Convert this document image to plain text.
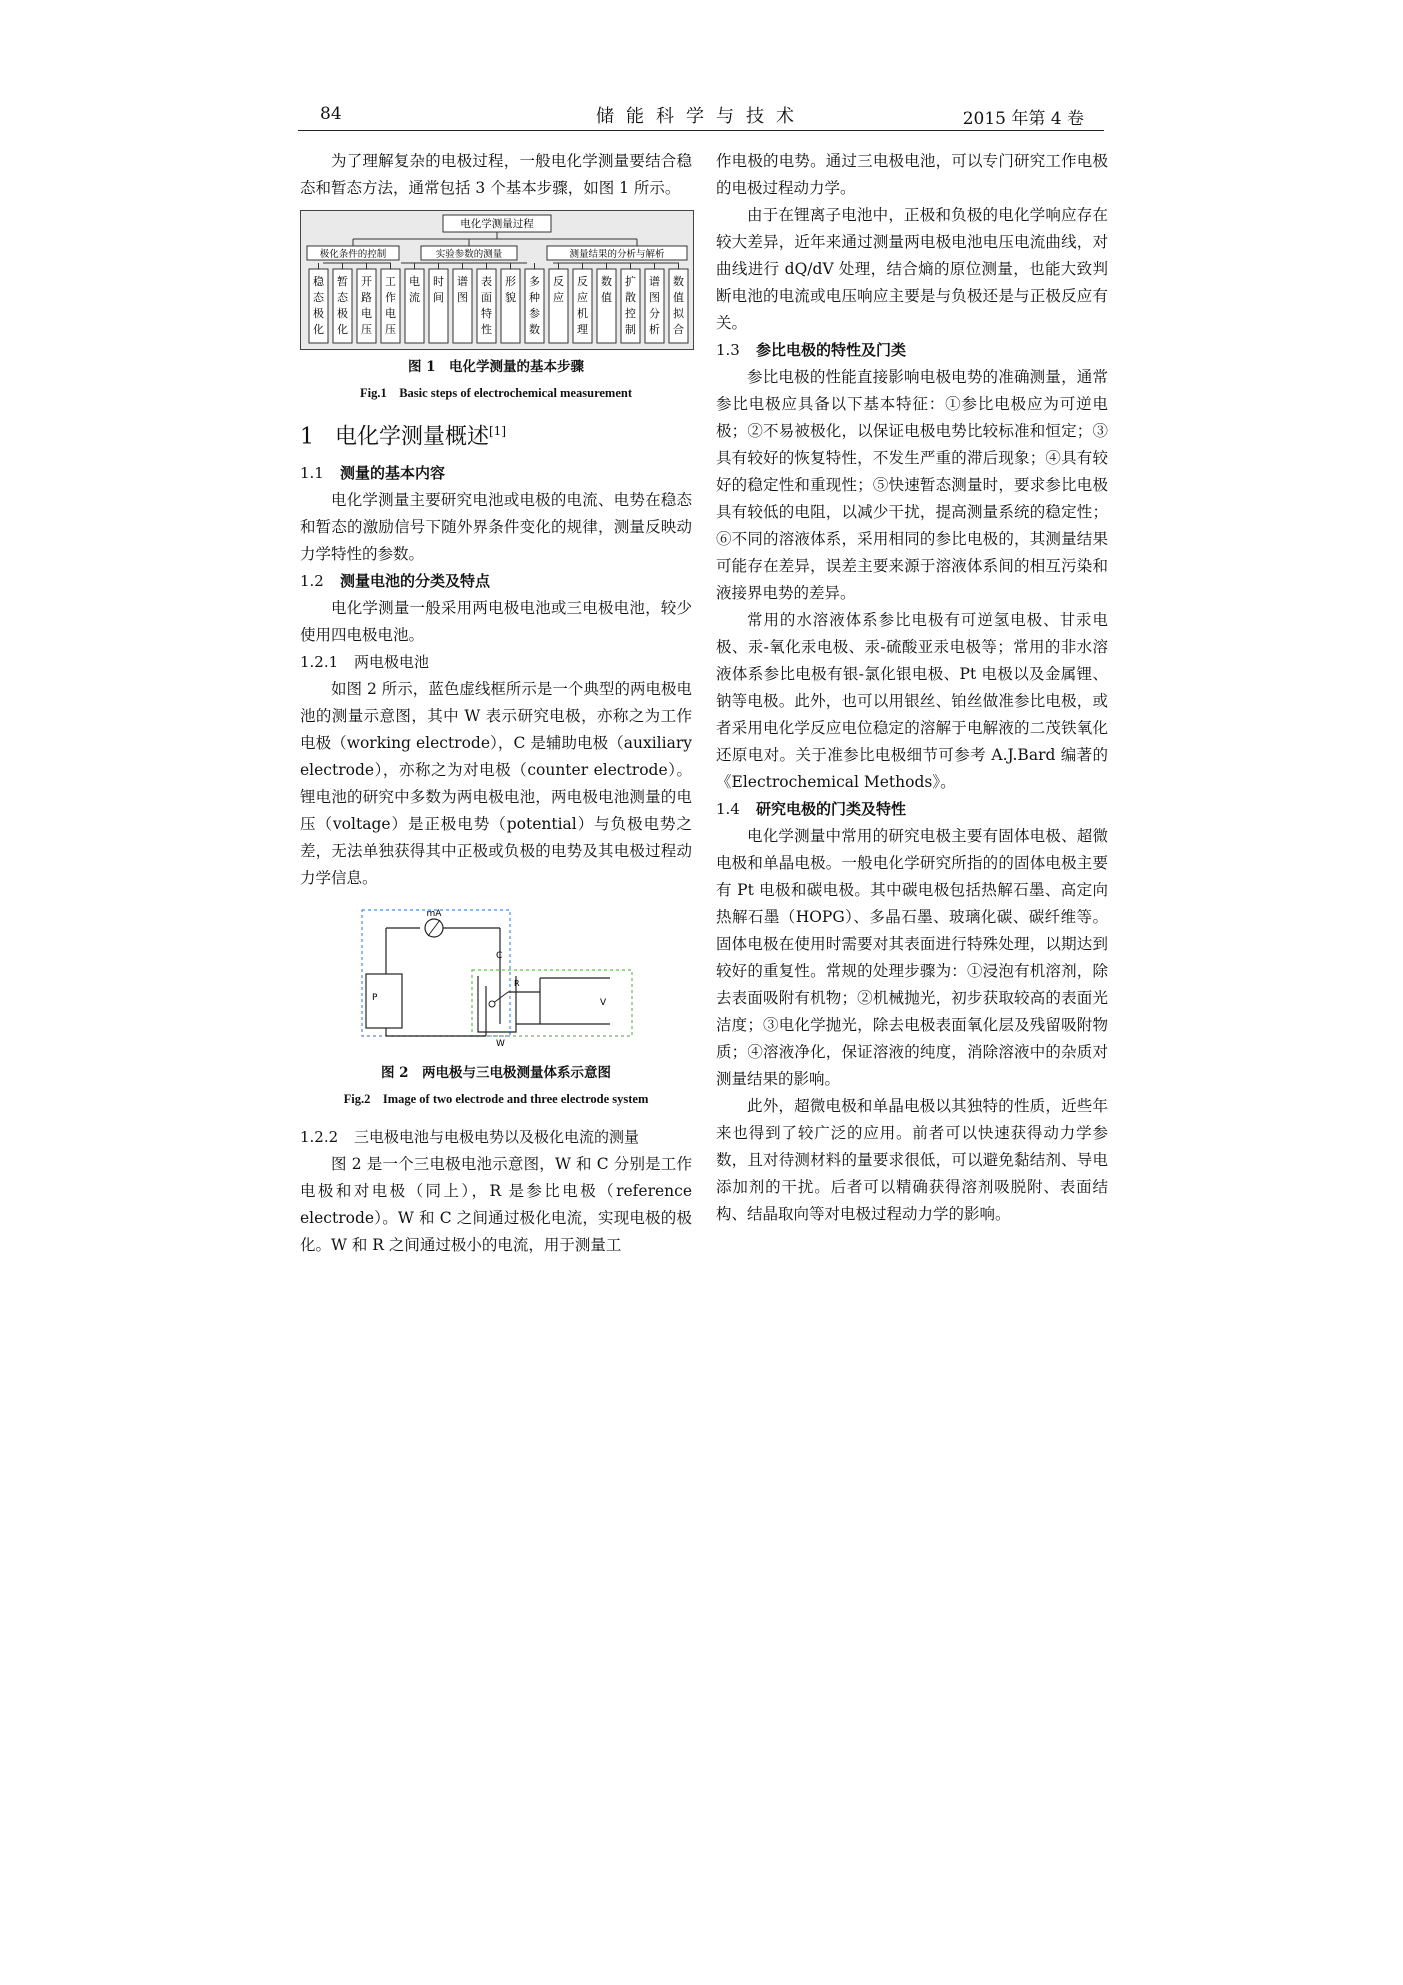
84	储能科学与技术	2015 年第 4 卷

为了理解复杂的电极过程，一般电化学测量要结合稳态和暂态方法，通常包括 3 个基本步骤，如图 1 所示。

电化学测量过程
极化条件的控制	实验参数的测量	测量结果的分析与解析
稳
态
极
化
暂
态
极
化
开
路
电
压
工
作
电
压
电
流
时
间
谱
图
表
面
特
性
形
貌
多
种
参
数
反
应
反
应
机
理
数
值
扩
散
控
制
谱
图
分
析
数
值
拟
合
图 1　电化学测量的基本步骤
Fig.1　Basic steps of electrochemical measurement
1 电化学测量概述[1]
1.1 测量的基本内容

电化学测量主要研究电池或电极的电流、电势在稳态和暂态的激励信号下随外界条件变化的规律，测量反映动力学特性的参数。

1.2 测量电池的分类及特点

电化学测量一般采用两电极电池或三电极电池，较少使用四电极电池。

1.2.1 两电极电池

如图 2 所示，蓝色虚线框所示是一个典型的两电极电池的测量示意图，其中 W 表示研究电极，亦称之为工作电极（working electrode），C 是辅助电极（auxiliary electrode），亦称之为对电极（counter electrode）。锂电池的研究中多数为两电极电池，两电极电池测量的电压（voltage）是正极电势（potential）与负极电势之差，无法单独获得其中正极或负极的电势及其电极过程动力学信息。

P
mA
C
W
R
V
图 2　两电极与三电极测量体系示意图
Fig.2　Image of two electrode and three electrode system
1.2.2 三电极电池与电极电势以及极化电流的测量

图 2 是一个三电极电池示意图，W 和 C 分别是工作电极和对电极（同上），R 是参比电极（reference electrode）。W 和 C 之间通过极化电流，实现电极的极化。W 和 R 之间通过极小的电流，用于测量工

作电极的电势。通过三电极电池，可以专门研究工作电极的电极过程动力学。

由于在锂离子电池中，正极和负极的电化学响应存在较大差异，近年来通过测量两电极电池电压电流曲线，对曲线进行 dQ/dV 处理，结合熵的原位测量，也能大致判断电池的电流或电压响应主要是与负极还是与正极反应有关。

1.3 参比电极的特性及门类

参比电极的性能直接影响电极电势的准确测量，通常参比电极应具备以下基本特征：①参比电极应为可逆电极；②不易被极化，以保证电极电势比较标准和恒定；③具有较好的恢复特性，不发生严重的滞后现象；④具有较好的稳定性和重现性；⑤快速暂态测量时，要求参比电极具有较低的电阻，以减少干扰，提高测量系统的稳定性；⑥不同的溶液体系，采用相同的参比电极的，其测量结果可能存在差异，误差主要来源于溶液体系间的相互污染和液接界电势的差异。

常用的水溶液体系参比电极有可逆氢电极、甘汞电极、汞-氧化汞电极、汞-硫酸亚汞电极等；常用的非水溶液体系参比电极有银-氯化银电极、Pt 电极以及金属锂、钠等电极。此外，也可以用银丝、铂丝做准参比电极，或者采用电化学反应电位稳定的溶解于电解液的二茂铁氧化还原电对。关于准参比电极细节可参考 A.J.Bard 编著的《Electrochemical Methods》。

1.4 研究电极的门类及特性

电化学测量中常用的研究电极主要有固体电极、超微电极和单晶电极。一般电化学研究所指的的固体电极主要有 Pt 电极和碳电极。其中碳电极包括热解石墨、高定向热解石墨（HOPG）、多晶石墨、玻璃化碳、碳纤维等。固体电极在使用时需要对其表面进行特殊处理，以期达到较好的重复性。常规的处理步骤为：①浸泡有机溶剂，除去表面吸附有机物；②机械抛光，初步获取较高的表面光洁度；③电化学抛光，除去电极表面氧化层及残留吸附物质；④溶液净化，保证溶液的纯度，消除溶液中的杂质对测量结果的影响。

此外，超微电极和单晶电极以其独特的性质，近些年来也得到了较广泛的应用。前者可以快速获得动力学参数，且对待测材料的量要求很低，可以避免黏结剂、导电添加剂的干扰。后者可以精确获得溶剂吸脱附、表面结构、结晶取向等对电极过程动力学的影响。
